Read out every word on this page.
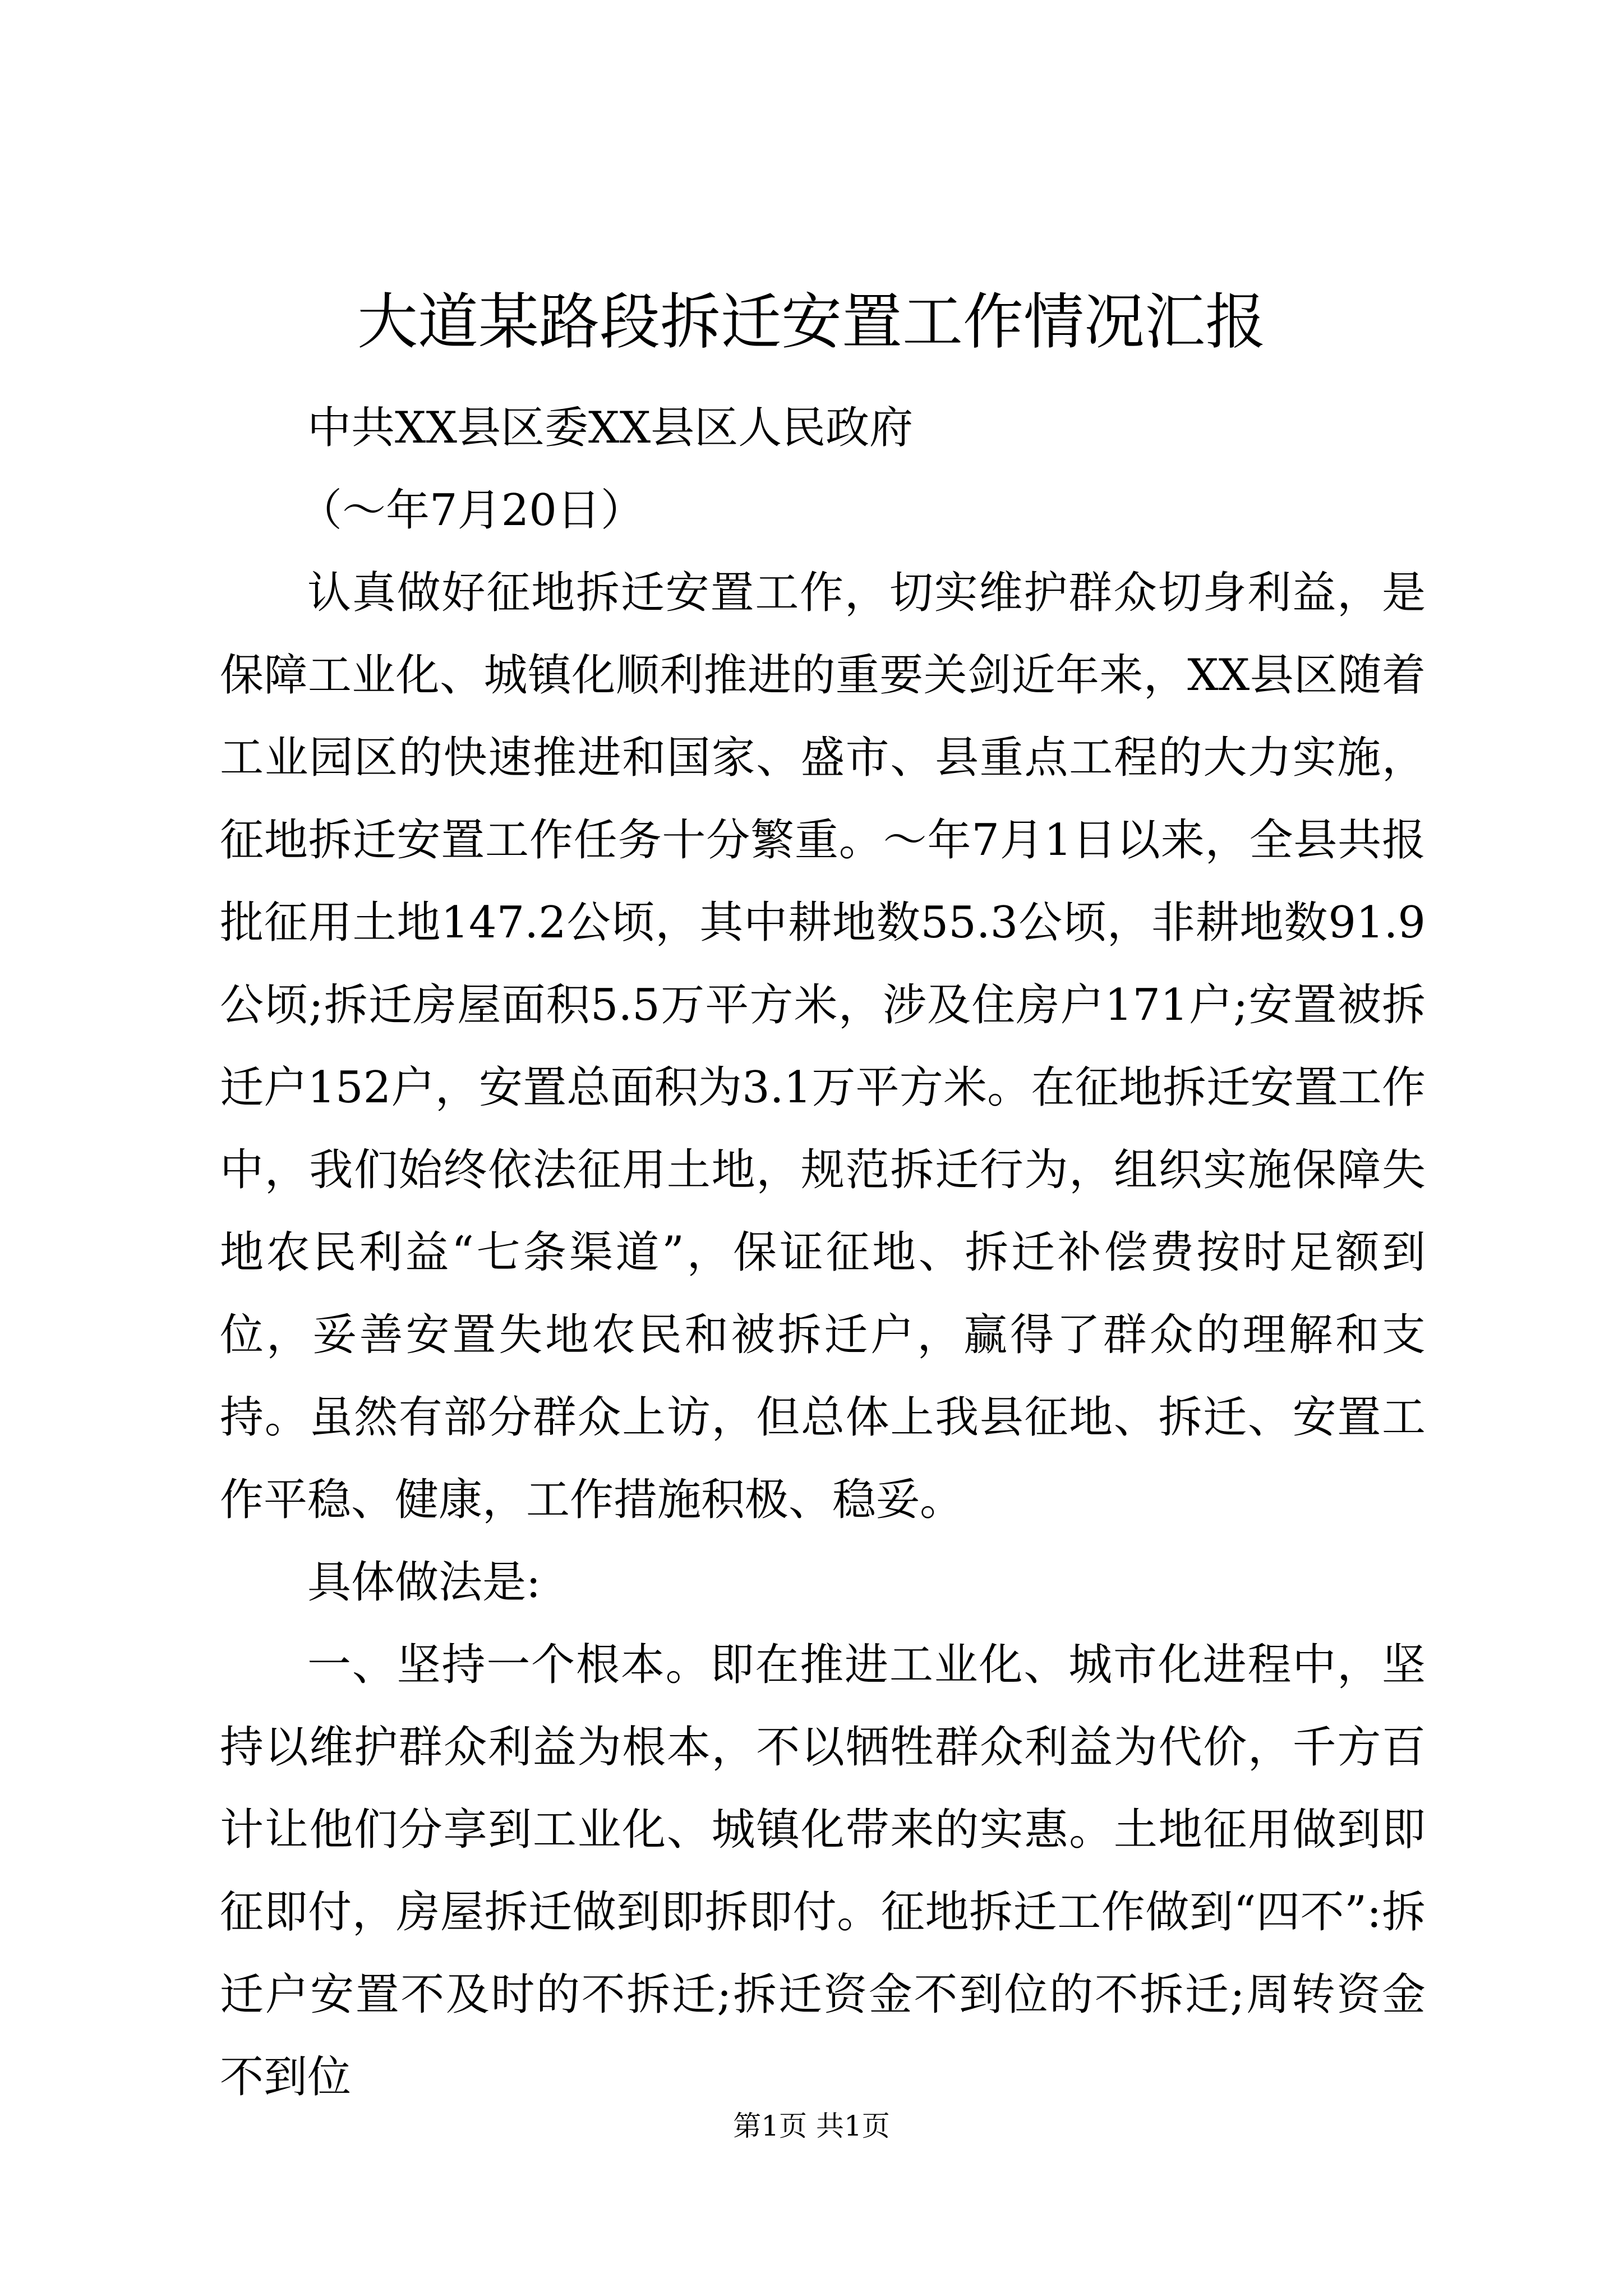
大道某路段拆迁安置工作情况汇报

中共XX县区委XX县区人民政府

（～年7月20日）

认真做好征地拆迁安置工作，切实维护群众切身利益，是保障工业化、城镇化顺利推进的重要关剑近年来，XX县区随着工业园区的快速推进和国家、盛市、县重点工程的大力实施，征地拆迁安置工作任务十分繁重。～年7月1日以来，全县共报批征用土地147.2公顷，其中耕地数55.3公顷，非耕地数91.9公顷;拆迁房屋面积5.5万平方米，涉及住房户171户;安置被拆迁户152户，安置总面积为3.1万平方米。在征地拆迁安置工作中，我们始终依法征用土地，规范拆迁行为，组织实施保障失地农民利益“七条渠道”，保证征地、拆迁补偿费按时足额到位，妥善安置失地农民和被拆迁户，赢得了群众的理解和支持。虽然有部分群众上访，但总体上我县征地、拆迁、安置工作平稳、健康，工作措施积极、稳妥。

具体做法是:

一、坚持一个根本。即在推进工业化、城市化进程中，坚持以维护群众利益为根本，不以牺牲群众利益为代价，千方百计让他们分享到工业化、城镇化带来的实惠。土地征用做到即征即付，房屋拆迁做到即拆即付。征地拆迁工作做到“四不”:拆迁户安置不及时的不拆迁;拆迁资金不到位的不拆迁;周转资金不到位

第1页 共1页
